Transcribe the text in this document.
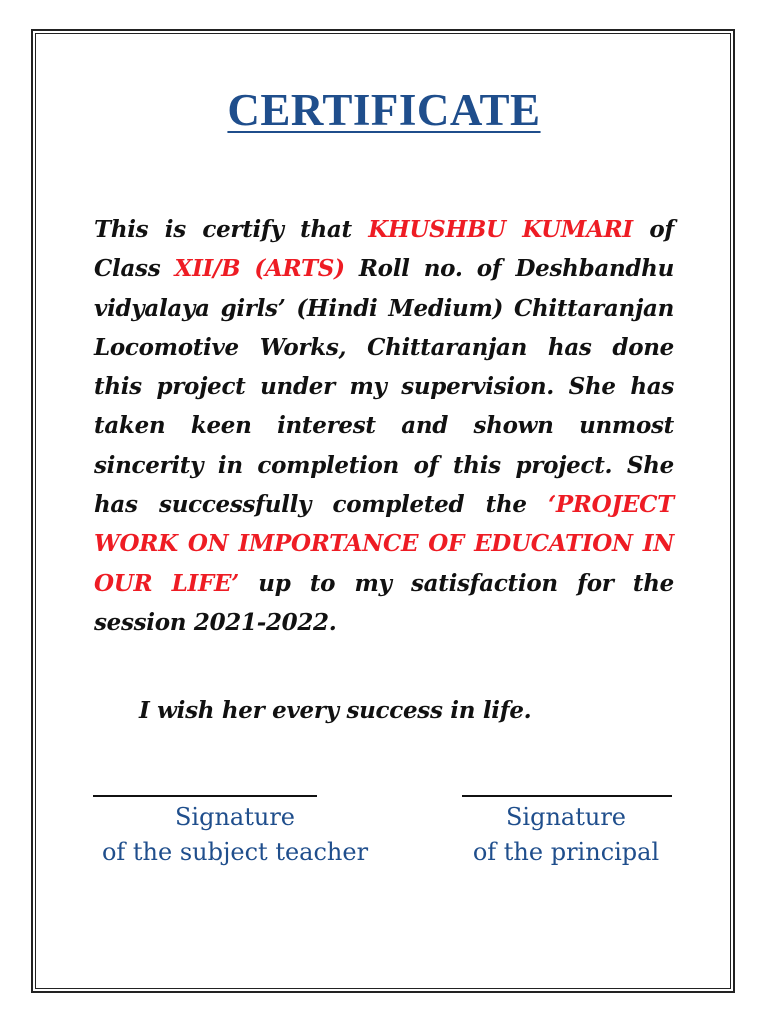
CERTIFICATE
This is certify that KHUSHBU KUMARI of Class XII/B (ARTS) Roll no. of Deshbandhu vidyalaya girls’ (Hindi Medium) Chittaranjan Locomotive Works, Chittaranjan has done this project under my supervision. She has taken keen interest and shown unmost sincerity in completion of this project. She has successfully completed the ‘PROJECT WORK ON IMPORTANCE OF EDUCATION IN OUR LIFE’ up to my satisfaction for the session 2021-2022.
I wish her every success in life.
Signature
of the subject teacher
Signature
of the principal
